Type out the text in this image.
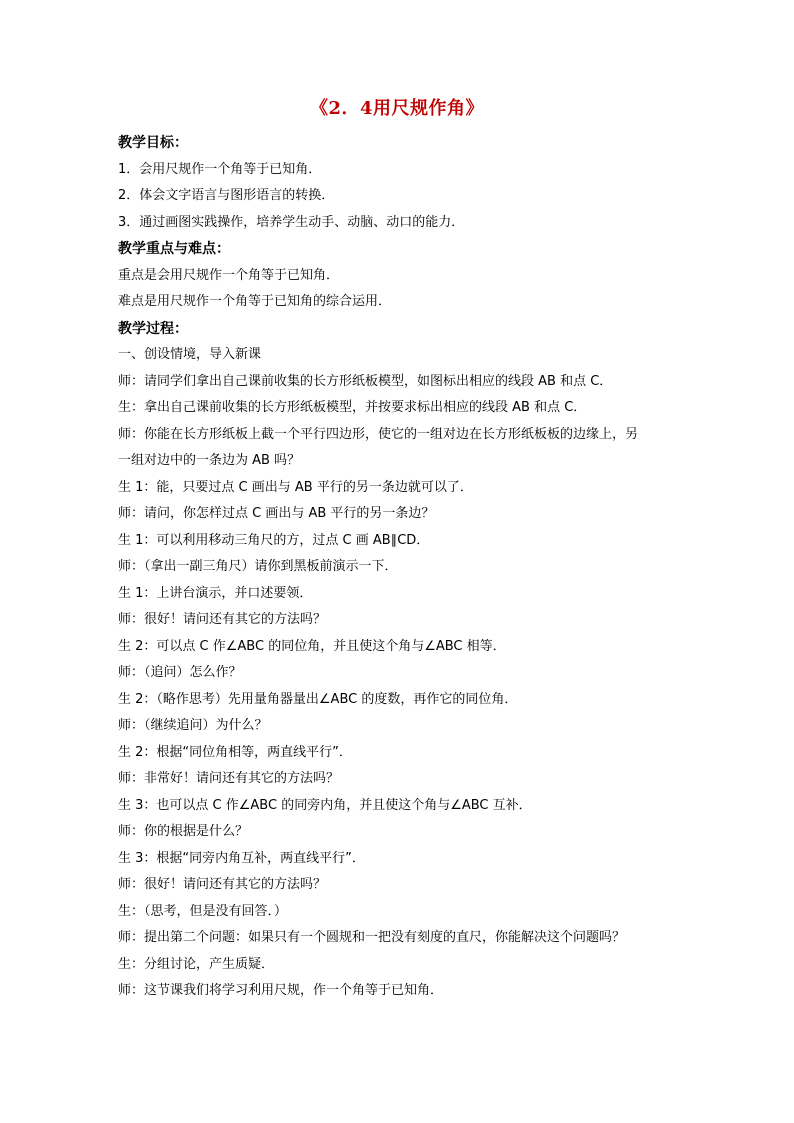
《2．4用尺规作角》
教学目标：
1．会用尺规作一个角等于已知角．
2．体会文字语言与图形语言的转换．
3．通过画图实践操作，培养学生动手、动脑、动口的能力．
教学重点与难点：
重点是会用尺规作一个角等于已知角．
难点是用尺规作一个角等于已知角的综合运用．
教学过程：
一、创设情境，导入新课
师：请同学们拿出自己课前收集的长方形纸板模型，如图标出相应的线段 AB 和点 C．
生：拿出自己课前收集的长方形纸板模型，并按要求标出相应的线段 AB 和点 C．
师：你能在长方形纸板上截一个平行四边形，使它的一组对边在长方形纸板板的边缘上，另
一组对边中的一条边为 AB 吗？
生 1：能，只要过点 C 画出与 AB 平行的另一条边就可以了．
师：请问，你怎样过点 C 画出与 AB 平行的另一条边？
生 1：可以利用移动三角尺的方，过点 C 画 AB∥CD．
师：（拿出一副三角尺）请你到黑板前演示一下．
生 1：上讲台演示，并口述要领．
师：很好！请问还有其它的方法吗？
生 2：可以点 C 作∠ABC 的同位角，并且使这个角与∠ABC 相等．
师：（追问）怎么作？
生 2：（略作思考）先用量角器量出∠ABC 的度数，再作它的同位角．
师：（继续追问）为什么？
生 2：根据“同位角相等，两直线平行”．
师：非常好！请问还有其它的方法吗？
生 3：也可以点 C 作∠ABC 的同旁内角，并且使这个角与∠ABC 互补．
师：你的根据是什么？
生 3：根据“同旁内角互补，两直线平行”．
师：很好！请问还有其它的方法吗？
生：（思考，但是没有回答．）
师：提出第二个问题：如果只有一个圆规和一把没有刻度的直尺，你能解决这个问题吗？
生：分组讨论，产生质疑．
师：这节课我们将学习利用尺规，作一个角等于已知角．
